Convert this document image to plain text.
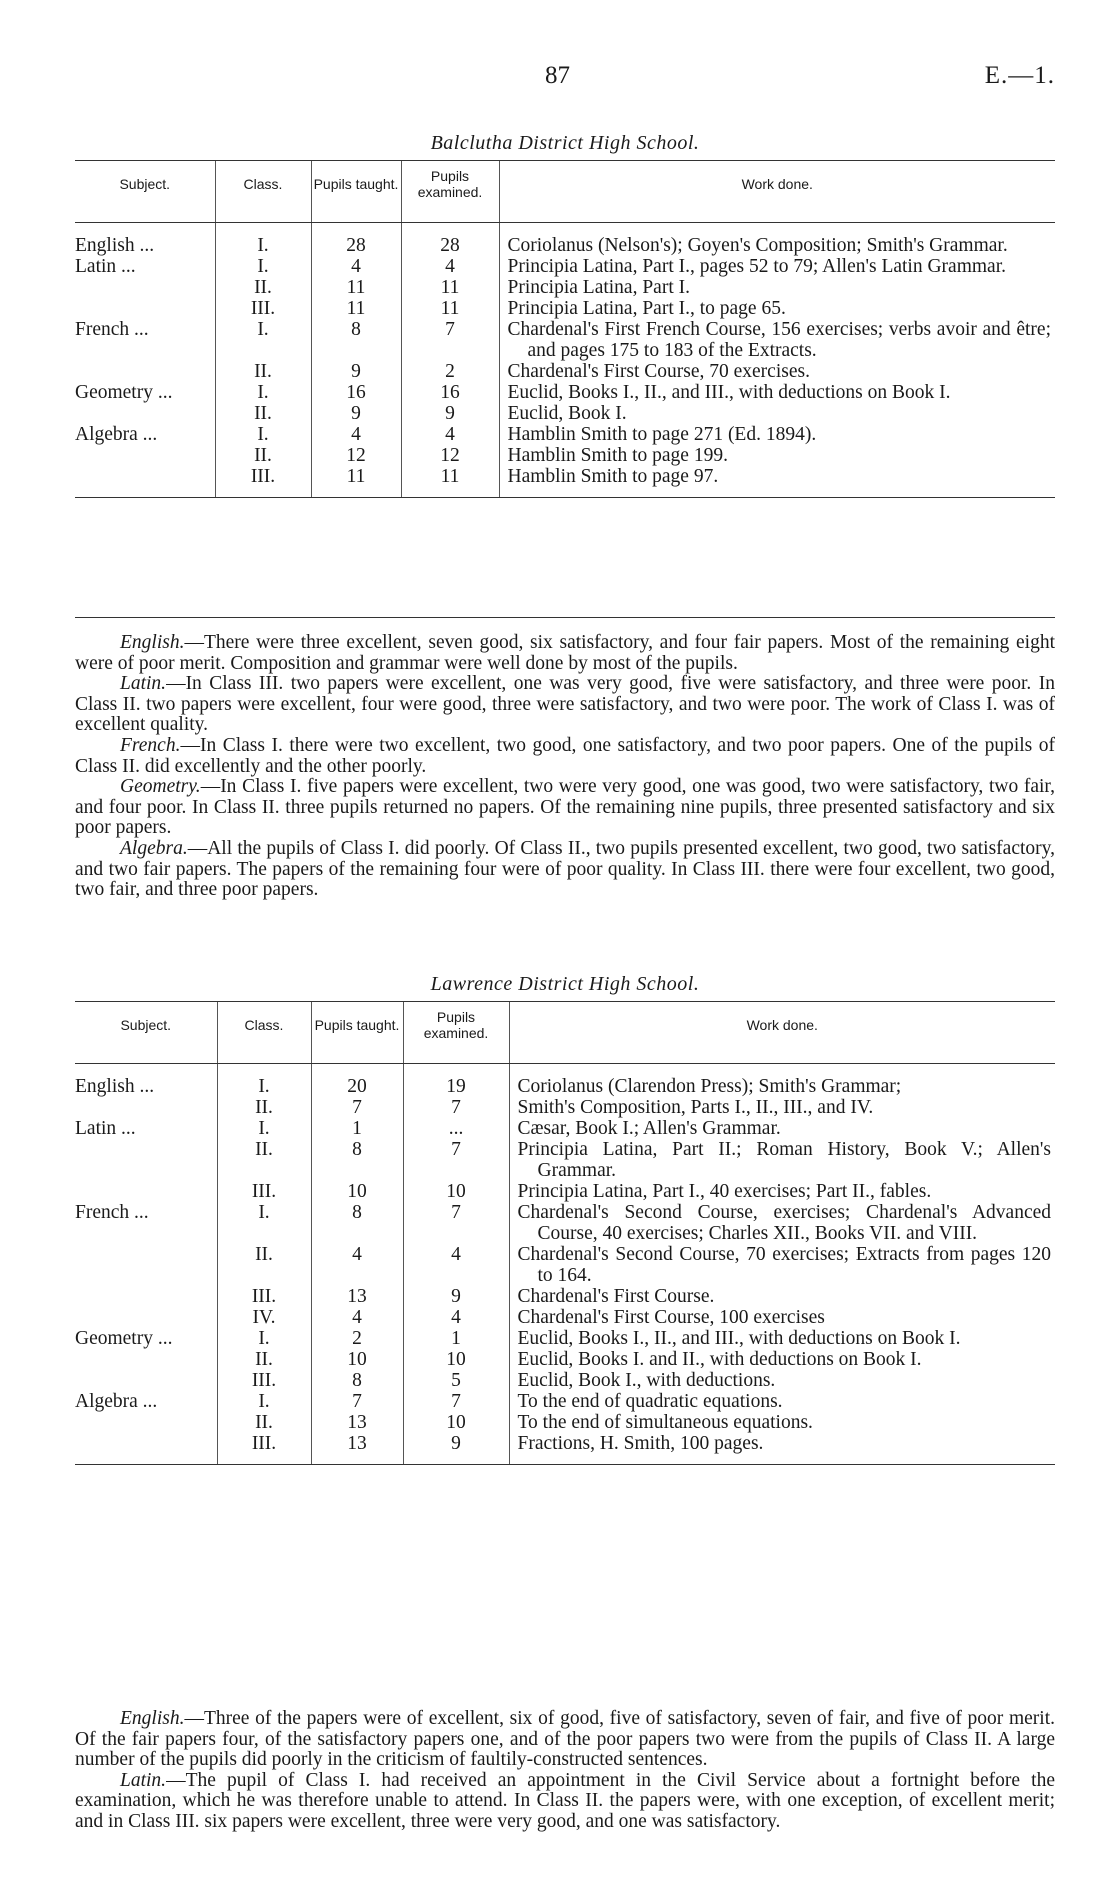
87	E.—1.
Balclutha District High School.
Subject.	Class.	Pupils taught.	Pupils examined.	Work done.
English ...	I.	28	28	Coriolanus (Nelson's); Goyen's Composition; Smith's Grammar.

Latin ...	I.	4	4	Principia Latina, Part I., pages 52 to 79; Allen's Latin Grammar.

	II.	11	11	Principia Latina, Part I.

	III.	11	11	Principia Latina, Part I., to page 65.

French ...	I.	8	7	Chardenal's First French Course, 156 exercises; verbs avoir and être; and pages 175 to 183 of the Extracts.

	II.	9	2	Chardenal's First Course, 70 exercises.

Geometry ...	I.	16	16	Euclid, Books I., II., and III., with deductions on Book I.

	II.	9	9	Euclid, Book I.

Algebra ...	I.	4	4	Hamblin Smith to page 271 (Ed. 1894).

	II.	12	12	Hamblin Smith to page 199.

	III.	11	11	Hamblin Smith to page 97.

English.—There were three excellent, seven good, six satisfactory, and four fair papers. Most of the remaining eight were of poor merit. Composition and grammar were well done by most of the pupils.

Latin.—In Class III. two papers were excellent, one was very good, five were satisfactory, and three were poor. In Class II. two papers were excellent, four were good, three were satisfactory, and two were poor. The work of Class I. was of excellent quality.

French.—In Class I. there were two excellent, two good, one satisfactory, and two poor papers. One of the pupils of Class II. did excellently and the other poorly.

Geometry.—In Class I. five papers were excellent, two were very good, one was good, two were satisfactory, two fair, and four poor. In Class II. three pupils returned no papers. Of the remaining nine pupils, three presented satisfactory and six poor papers.

Algebra.—All the pupils of Class I. did poorly. Of Class II., two pupils presented excellent, two good, two satisfactory, and two fair papers. The papers of the remaining four were of poor quality. In Class III. there were four excellent, two good, two fair, and three poor papers.

Lawrence District High School.
Subject.	Class.	Pupils taught.	Pupils examined.	Work done.
English ...	I.	20	19	Coriolanus (Clarendon Press); Smith's Grammar;

	II.	7	7	Smith's Composition, Parts I., II., III., and IV.

Latin ...	I.	1	...	Cæsar, Book I.; Allen's Grammar.

	II.	8	7	Principia Latina, Part II.; Roman History, Book V.; Allen's Grammar.

	III.	10	10	Principia Latina, Part I., 40 exercises; Part II., fables.

French ...	I.	8	7	Chardenal's Second Course, exercises; Chardenal's Advanced Course, 40 exercises; Charles XII., Books VII. and VIII.

	II.	4	4	Chardenal's Second Course, 70 exercises; Extracts from pages 120 to 164.

	III.	13	9	Chardenal's First Course.

	IV.	4	4	Chardenal's First Course, 100 exercises

Geometry ...	I.	2	1	Euclid, Books I., II., and III., with deductions on Book I.

	II.	10	10	Euclid, Books I. and II., with deductions on Book I.

	III.	8	5	Euclid, Book I., with deductions.

Algebra ...	I.	7	7	To the end of quadratic equations.

	II.	13	10	To the end of simultaneous equations.

	III.	13	9	Fractions, H. Smith, 100 pages.

English.—Three of the papers were of excellent, six of good, five of satisfactory, seven of fair, and five of poor merit. Of the fair papers four, of the satisfactory papers one, and of the poor papers two were from the pupils of Class II. A large number of the pupils did poorly in the criticism of faultily-constructed sentences.

Latin.—The pupil of Class I. had received an appointment in the Civil Service about a fortnight before the examination, which he was therefore unable to attend. In Class II. the papers were, with one exception, of excellent merit; and in Class III. six papers were excellent, three were very good, and one was satisfactory.
